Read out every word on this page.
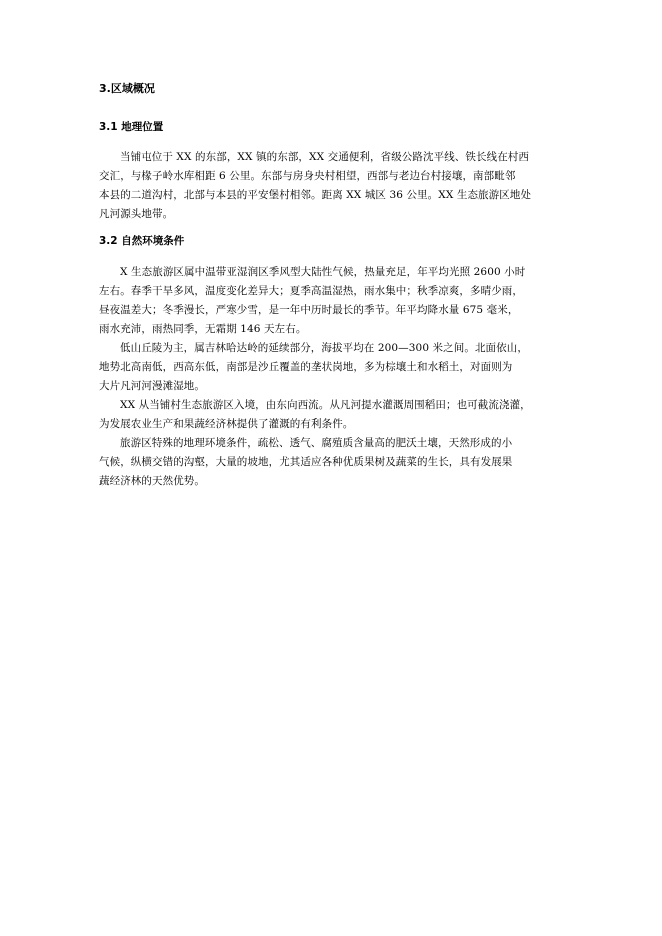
3.区域概况
3.1 地理位置
当铺屯位于 XX 的东部，XX 镇的东部，XX 交通便利，省级公路沈平线、铁长线在村西
交汇，与椽子岭水库相距 6 公里。东部与房身央村相望，西部与老边台村接壤，南部毗邻
本县的二道沟村，北部与本县的平安堡村相邻。距离 XX 城区 36 公里。XX 生态旅游区地处
凡河源头地带。
3.2 自然环境条件
X 生态旅游区属中温带亚湿润区季风型大陆性气候，热量充足，年平均光照 2600 小时
左右。春季干旱多风，温度变化差异大；夏季高温湿热，雨水集中；秋季凉爽，多晴少雨，
昼夜温差大；冬季漫长，严寒少雪，是一年中历时最长的季节。年平均降水量 675 毫米，
雨水充沛，雨热同季，无霜期 146 天左右。
低山丘陵为主，属吉林哈达岭的延续部分，海拔平均在 200—300 米之间。北面依山，
地势北高南低，西高东低，南部是沙丘覆盖的垄状岗地，多为棕壤土和水稻土，对面则为
大片凡河河漫滩湿地。
XX 从当铺村生态旅游区入境，由东向西流。从凡河提水灌溉周围稻田；也可截流浇灌，
为发展农业生产和果蔬经济林提供了灌溉的有利条件。
旅游区特殊的地理环境条件，疏松、透气、腐殖质含量高的肥沃土壤，天然形成的小
气候，纵横交错的沟壑，大量的坡地，尤其适应各种优质果树及蔬菜的生长，具有发展果
蔬经济林的天然优势。
